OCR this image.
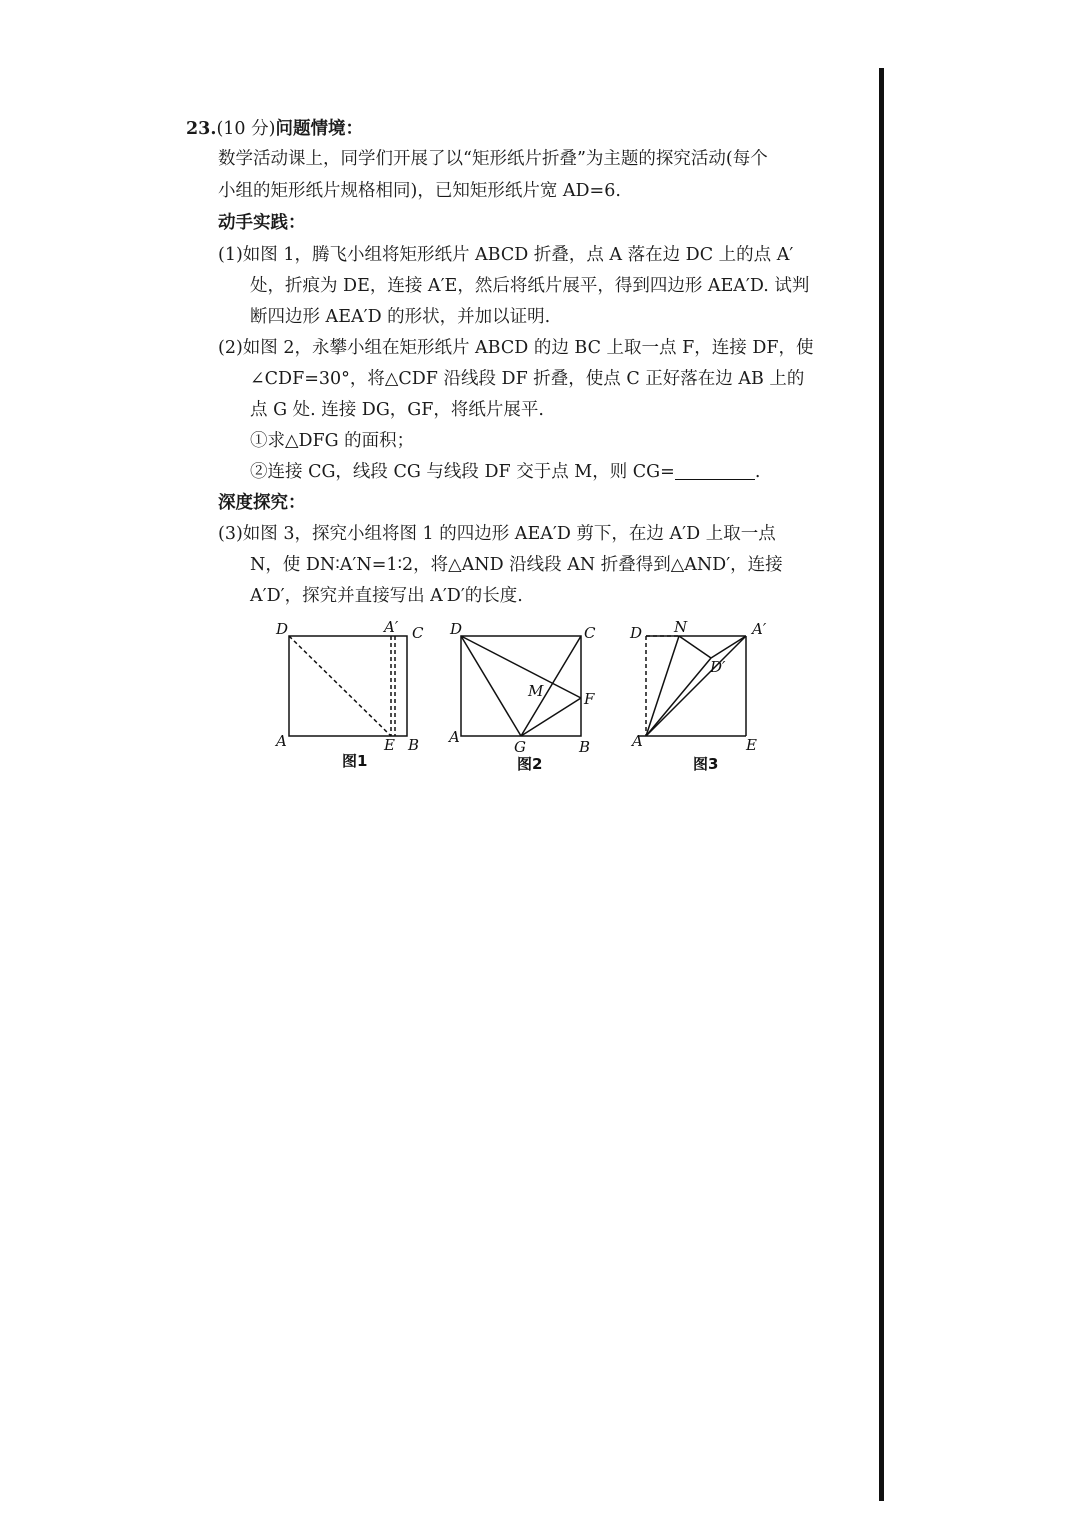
23.(10 分)问题情境：
数学活动课上，同学们开展了以“矩形纸片折叠”为主题的探究活动(每个
小组的矩形纸片规格相同)，已知矩形纸片宽 AD=6.
动手实践：
(1)如图 1，腾飞小组将矩形纸片 ABCD 折叠，点 A 落在边 DC 上的点 A′
处，折痕为 DE，连接 A′E，然后将纸片展平，得到四边形 AEA′D. 试判
断四边形 AEA′D 的形状，并加以证明.
(2)如图 2，永攀小组在矩形纸片 ABCD 的边 BC 上取一点 F，连接 DF，使
∠CDF=30°，将△CDF 沿线段 DF 折叠，使点 C 正好落在边 AB 上的
点 G 处. 连接 DG，GF，将纸片展平.
①求△DFG 的面积；
②连接 CG，线段 CG 与线段 DF 交于点 M，则 CG=	.
深度探究：
(3)如图 3，探究小组将图 1 的四边形 AEA′D 剪下，在边 A′D 上取一点
N，使 DN∶A′N=1∶2，将△AND 沿线段 AN 折叠得到△AND′，连接
A′D′，探究并直接写出 A′D′的长度.
D	A′ C
A	E B
图1
D	C
M	F
A
G	B
图2
D N	A′
D′
A	E
图3
